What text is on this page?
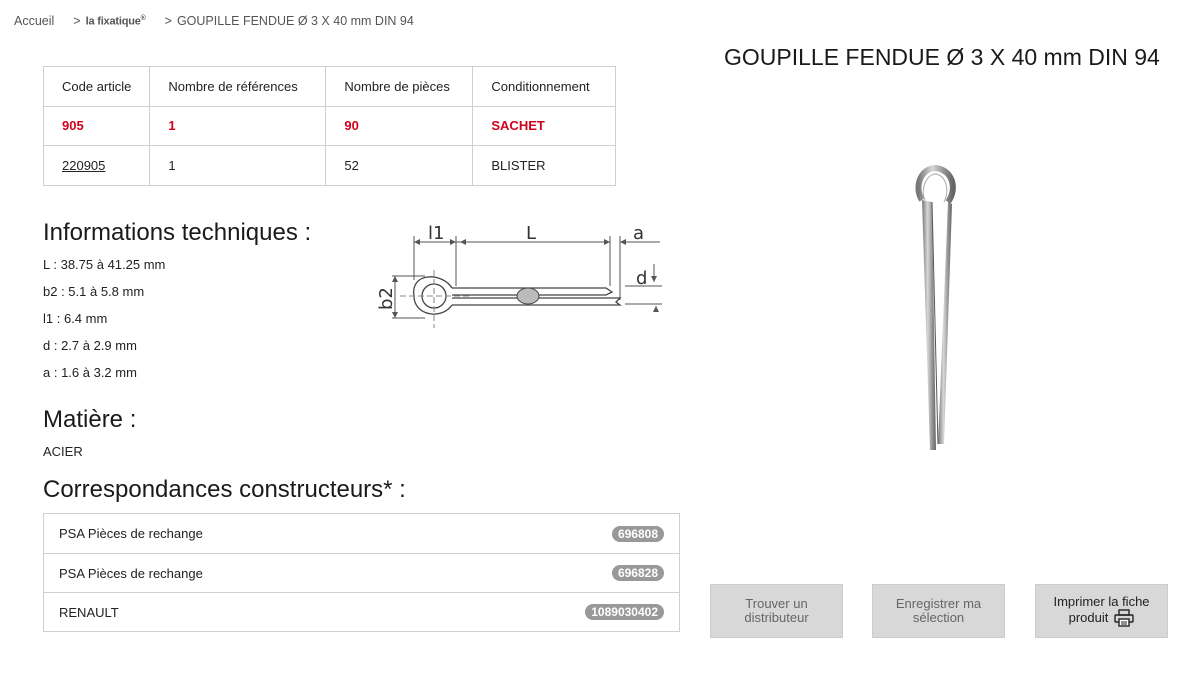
Accueil > la fixatique® > GOUPILLE FENDUE Ø 3 X 40 mm DIN 94
GOUPILLE FENDUE Ø 3 X 40 mm DIN 94
Code article	Nombre de références	Nombre de pièces	Conditionnement
905	1	90	SACHET
220905	1	52	BLISTER
Informations techniques :
L : 38.75 à 41.25 mm
b2 : 5.1 à 5.8 mm
l1 : 6.4 mm
d : 2.7 à 2.9 mm
a : 1.6 à 3.2 mm
l1	L	a
d
b2
Matière :
ACIER
Correspondances constructeurs* :
PSA Pièces de rechange	696808
PSA Pièces de rechange	696828
RENAULT	1089030402
Trouver un distributeur
Enregistrer ma sélection
Imprimer la fiche
produit
